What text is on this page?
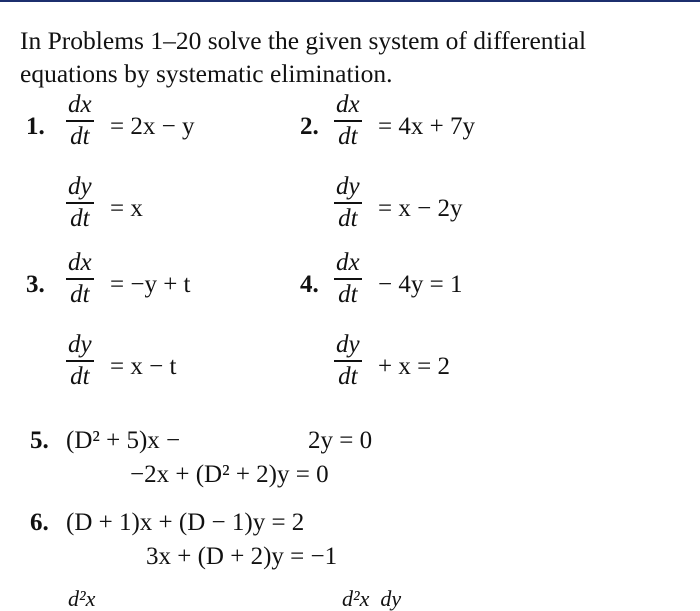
In Problems 1–20 solve the given system of differential equations by systematic elimination.
1.
dx
dt = 2x − y
dy
dt = x
2.
dx
dt = 4x + 7y
dy
dt = x − 2y
3.
dx
dt = −y + t
dy
dt = x − t
4.
dx
dt − 4y = 1
dy
dt + x = 2
5. (D² + 5)x −	2y = 0
−2x + (D² + 2)y = 0
6. (D + 1)x + (D − 1)y = 2
3x + (D + 2)y = −1
d²x	d²x  dy
